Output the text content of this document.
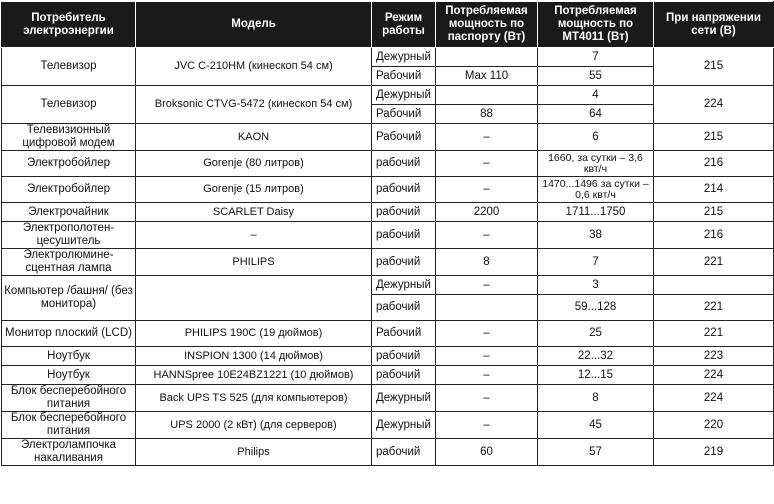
Потребитель электроэнергии	Модель	Режим работы	Потребляемая мощность по паспорту (Вт)	Потребляемая мощность по МТ4011 (Вт)	При напряжении сети (В)
Телевизор	JVC C-210HM (кинескоп 54 см)	Дежурный		7	215
		Рабочий	Max 110	55	
Телевизор	Broksonic CTVG-5472 (кинескоп 54 см)	Дежурный		4	224
		Рабочий	88	64	
Телевизионный цифровой модем	KAON	Рабочий	–	6	215
Электробойлер	Gorenje (80 литров)	рабочий	–	1660, за сутки – 3,6 квт/ч	216
Электробойлер	Gorenje (15 литров)	рабочий	–	1470...1496 за сутки – 0,6 квт/ч	214
Электрочайник	SCARLET Daisy	рабочий	2200	1711...1750	215
Электрополотен-цесушитель	–	рабочий	–	38	216
Электролюмине-сцентная лампа	PHILIPS	рабочий	8	7	221
Компьютер /башня/ (без монитора)		Дежурный	–	3	
		рабочий		59...128	221
Монитор плоский (LCD)	PHILIPS 190C (19 дюймов)	Рабочий	–	25	221
Ноутбук	INSPION 1300 (14 дюймов)	рабочий	–	22...32	223
Ноутбук	HANNSpree 10E24BZ1221 (10 дюймов)	рабочий	–	12...15	224
Блок бесперебойного питания	Back UPS TS 525 (для компьютеров)	Дежурный	–	8	224
Блок бесперебойного питания	UPS 2000 (2 кВт) (для серверов)	Дежурный	–	45	220
Электролампочка накаливания	Philips	рабочий	60	57	219
